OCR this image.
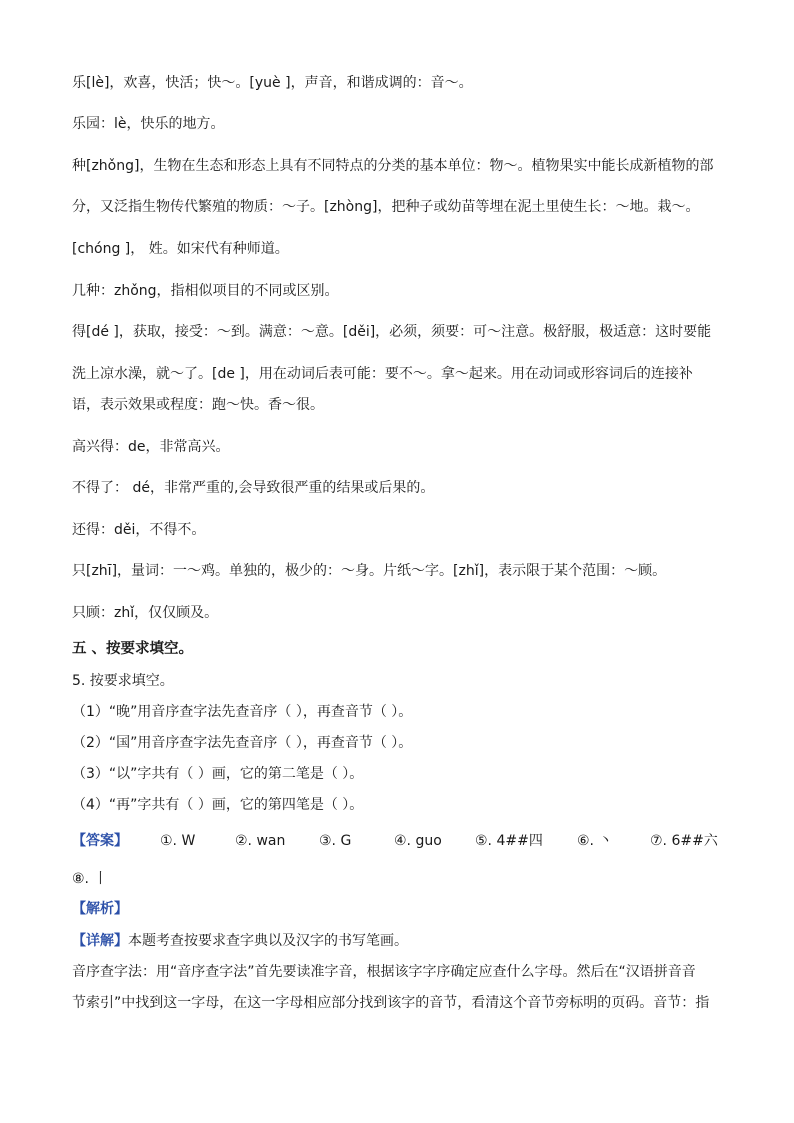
乐[lè]，欢喜，快活；快～。[yuè ]，声音，和谐成调的：音～。
乐园：lè，快乐的地方。
种[zhǒng]，生物在生态和形态上具有不同特点的分类的基本单位：物～。植物果实中能长成新植物的部
分，又泛指生物传代繁殖的物质：～子。[zhòng]，把种子或幼苗等埋在泥土里使生长：～地。栽～。
[chóng ]， 姓。如宋代有种师道。
几种：zhǒng，指相似项目的不同或区别。
得[dé ]，获取，接受：～到。满意：～意。[děi]，必须，须要：可～注意。极舒服，极适意：这时要能
洗上凉水澡，就～了。[de ]，用在动词后表可能：要不～。拿～起来。用在动词或形容词后的连接补
语，表示效果或程度：跑～快。香～很。
高兴得：de，非常高兴。
不得了： dé，非常严重的,会导致很严重的结果或后果的。
还得：děi，不得不。
只[zhī]，量词：一～鸡。单独的，极少的：～身。片纸～字。[zhǐ]，表示限于某个范围：～顾。
只顾：zhǐ，仅仅顾及。
五 、按要求填空。
5. 按要求填空。
（1）“晚”用音序查字法先查音序（ ），再查音节（ ）。
（2）“国”用音序查字法先查音序（ ），再查音节（ ）。
（3）“以”字共有（ ）画，它的第二笔是（ ）。
（4）“再”字共有（ ）画，它的第四笔是（ ）。
【答案】 ①. W	②. wan ③. G	④. guo ⑤. 4##四 ⑥. 丶	⑦. 6##六
⑧. 丨
【解析】
【详解】本题考查按要求查字典以及汉字的书写笔画。
音序查字法：用“音序查字法”首先要读准字音，根据该字字序确定应查什么字母。然后在“汉语拼音音
节索引”中找到这一字母，在这一字母相应部分找到该字的音节，看清这个音节旁标明的页码。音节：指
